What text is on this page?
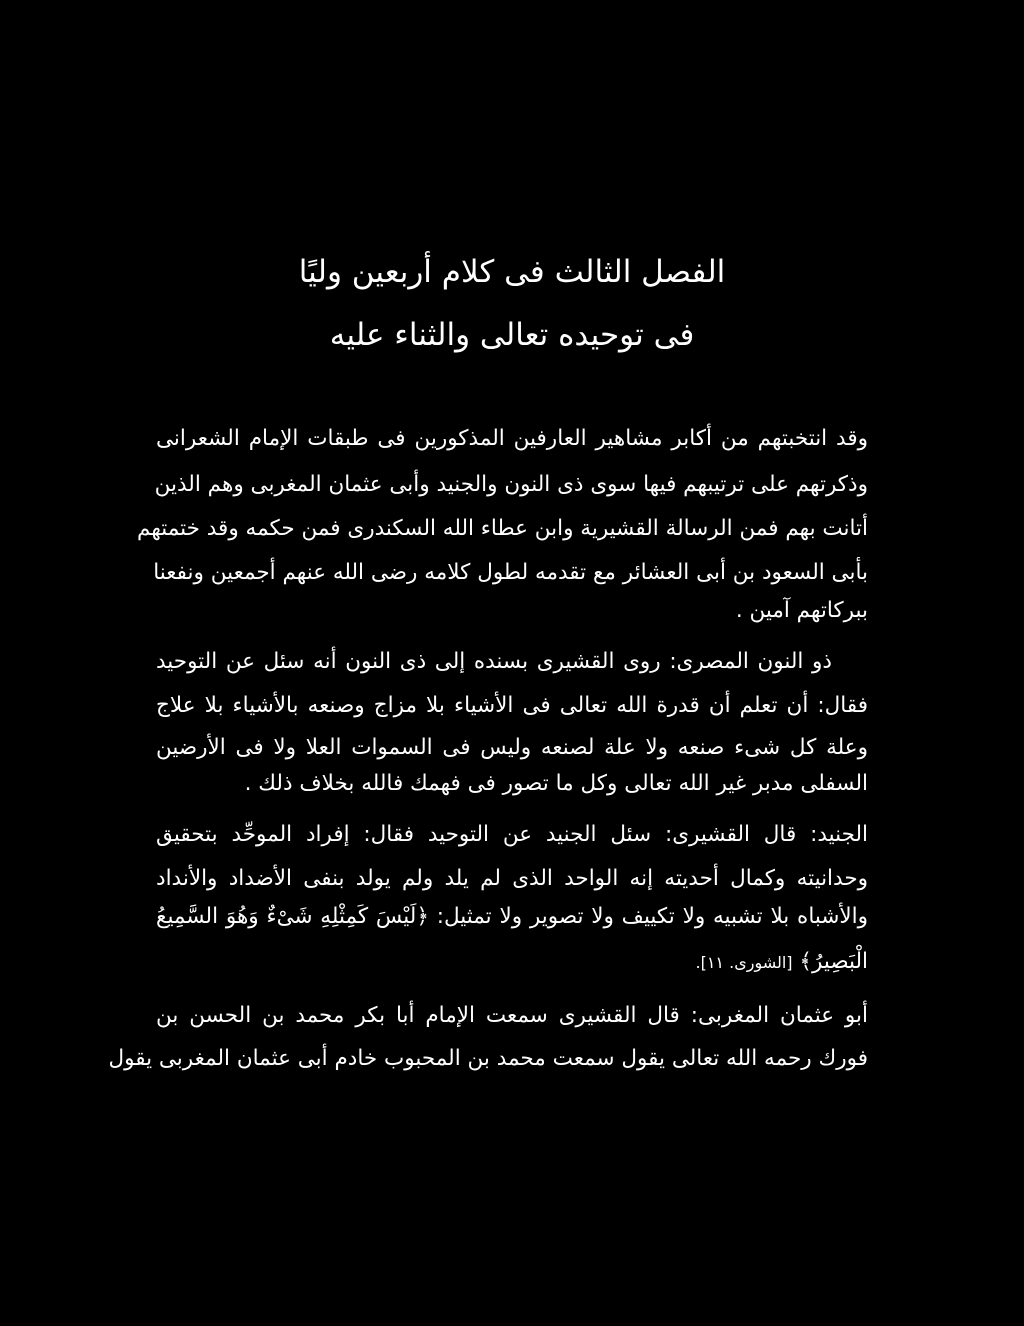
الفصل الثالث فى كلام أربعين وليًا
فى توحيده تعالى والثناء عليه
وقد انتخبتهم من أكابر مشاهير العارفين المذكورين فى طبقات الإمام الشعرانى
وذكرتهم على ترتيبهم فيها سوى ذى النون والجنيد وأبى عثمان المغربى وهم الذين
أتانت بهم فمن الرسالة القشيرية وابن عطاء الله السكندرى فمن حكمه وقد ختمتهم
بأبى السعود بن أبى العشائر مع تقدمه لطول كلامه رضى الله عنهم أجمعين ونفعنا
ببركاتهم آمين .
ذو النون المصرى: روى القشيرى بسنده إلى ذى النون أنه سئل عن التوحيد
فقال: أن تعلم أن قدرة الله تعالى فى الأشياء بلا مزاج وصنعه بالأشياء بلا علاج
وعلة كل شىء صنعه ولا علة لصنعه وليس فى السموات العلا ولا فى الأرضين
السفلى مدبر غير الله تعالى وكل ما تصور فى فهمك فالله بخلاف ذلك .
الجنيد: قال القشيرى: سئل الجنيد عن التوحيد فقال: إفراد الموحِّد بتحقيق
وحدانيته وكمال أحديته إنه الواحد الذى لم يلد ولم يولد بنفى الأضداد والأنداد
والأشباه بلا تشبيه ولا تكييف ولا تصوير ولا تمثيل: ﴿لَيْسَ كَمِثْلِهِ شَىْءٌ وَهُوَ السَّمِيعُ
الْبَصِيرُ﴾ [الشورى. ١١].
أبو عثمان المغربى: قال القشيرى سمعت الإمام أبا بكر محمد بن الحسن بن
فورك رحمه الله تعالى يقول سمعت محمد بن المحبوب خادم أبى عثمان المغربى يقول
